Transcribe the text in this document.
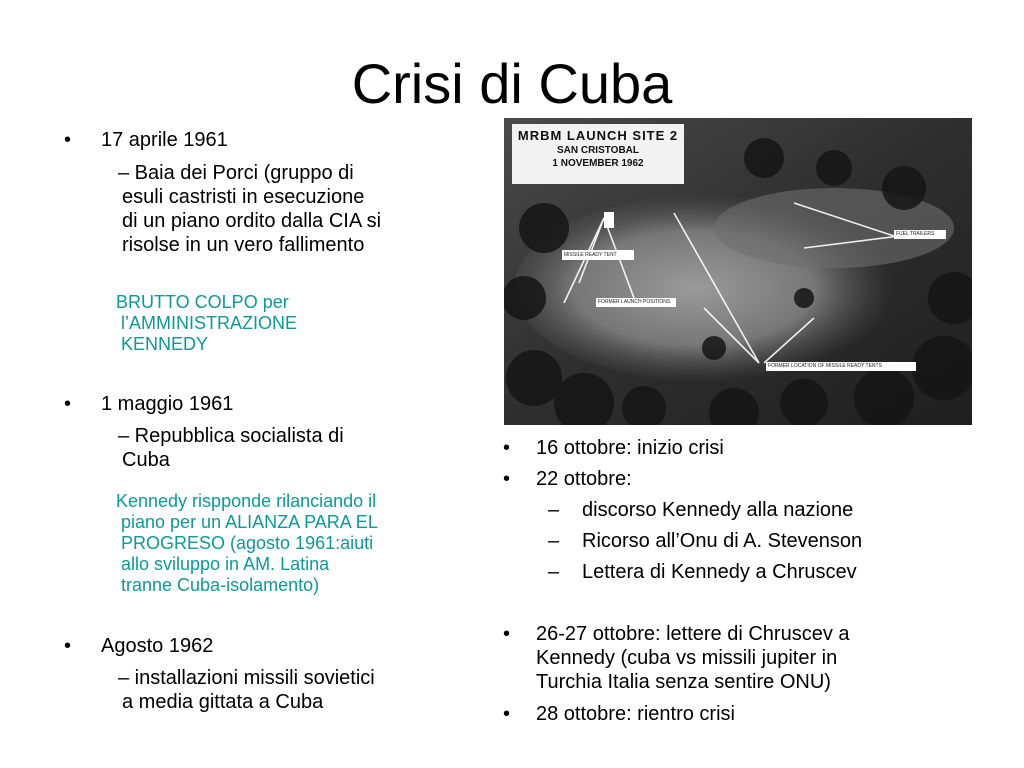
Crisi di Cuba
• 17 aprile 1961
– Baia dei Porci (gruppo di
esuli castristi in esecuzione
di un piano ordito dalla CIA si
risolse in un vero fallimento
BRUTTO COLPO per
l’AMMINISTRAZIONE
KENNEDY
• 1 maggio 1961
– Repubblica socialista di
Cuba
Kennedy rispponde rilanciando il
piano per un ALIANZA PARA EL
PROGRESO (agosto 1961:aiuti
allo sviluppo in AM. Latina
tranne Cuba-isolamento)
• Agosto 1962
– installazioni missili sovietici
a media gittata a Cuba
MRBM LAUNCH SITE 2
SAN CRISTOBAL
1 NOVEMBER 1962
MISSILE READY TENT
FORMER LAUNCH POSITIONS
FORMER LOCATION OF MISSILE READY TENTS
FUEL TRAILERS
• 16 ottobre: inizio crisi
• 22 ottobre:
– discorso Kennedy alla nazione
– Ricorso all’Onu di A. Stevenson
– Lettera di Kennedy a Chruscev
• 26-27 ottobre: lettere di Chruscev a
Kennedy (cuba vs missili jupiter in
Turchia Italia senza sentire ONU)
• 28 ottobre: rientro crisi
